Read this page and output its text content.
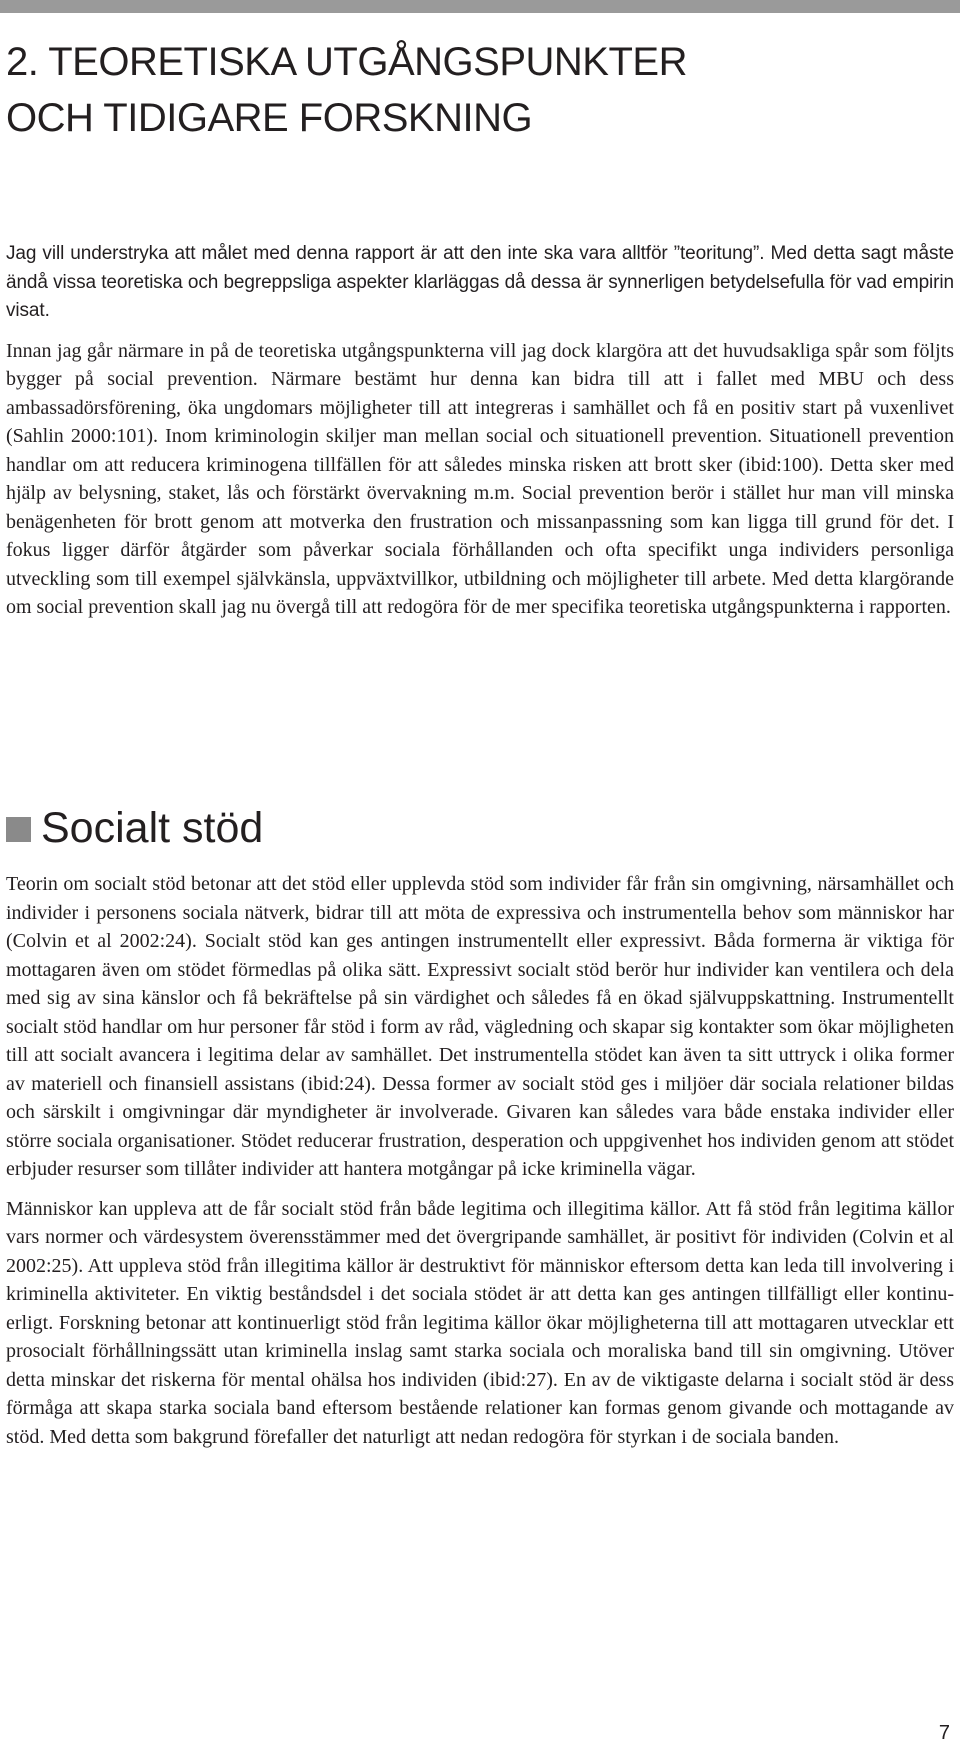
2. TEORETISKA UTGÅNGSPUNKTER
OCH TIDIGARE FORSKNING

Jag vill understryka att målet med denna rapport är att den inte ska vara alltför ”teoritung”. Med detta sagt måste ändå vissa teoretiska och begreppsliga aspekter klarläggas då dessa är synnerligen betydelsefulla för vad empirin visat.

Innan jag går närmare in på de teoretiska utgångspunkterna vill jag dock klargöra att det huvudsakliga spår som följts bygger på social prevention. Närmare bestämt hur denna kan bidra till att i fallet med MBU och dess ambassadörsförening, öka ungdomars möjligheter till att integreras i samhället och få en positiv start på vuxenlivet (Sahlin 2000:101). Inom kriminologin skiljer man mellan social och situationell prevention. Situationell prevention handlar om att reducera kriminogena tillfällen för att således minska risken att brott sker (ibid:100). Detta sker med hjälp av belysning, staket, lås och förstärkt övervakning m.m. Social prevention berör i stället hur man vill minska benägenheten för brott genom att motverka den frustration och missanpassning som kan ligga till grund för det. I fokus ligger därför åtgärder som påverkar sociala förhållanden och ofta specifikt unga individers personliga utveckling som till exempel självkänsla, uppväxtvillkor, utbildning och möjligheter till arbete. Med detta klargörande om social prevention skall jag nu övergå till att redogöra för de mer specifika teoretiska utgångspunkterna i rapporten.

Socialt stöd

Teorin om socialt stöd betonar att det stöd eller upplevda stöd som individer får från sin omgivning, närsamhället och individer i personens sociala nätverk, bidrar till att möta de expressiva och instrumentella behov som människor har (Colvin et al 2002:24). Socialt stöd kan ges antingen instrumentellt eller expressivt. Båda formerna är viktiga för mottagaren även om stödet förmedlas på olika sätt. Expressivt socialt stöd berör hur individer kan ventilera och dela med sig av sina känslor och få bekräftelse på sin värdighet och således få en ökad självuppskattning. Instrumentellt socialt stöd handlar om hur personer får stöd i form av råd, vägledning och skapar sig kontakter som ökar möjligheten till att socialt avancera i legitima delar av samhället. Det instrumentella stödet kan även ta sitt uttryck i olika former av materiell och finansiell assistans (ibid:24). Dessa former av socialt stöd ges i miljöer där sociala relationer bildas och särskilt i omgivningar där myndigheter är involverade. Givaren kan således vara både enstaka individer eller större sociala organisationer. Stödet reducerar frustration, desperation och uppgivenhet hos individen genom att stödet erbjuder resurser som tillåter individer att hantera motgångar på icke kriminella vägar.

Människor kan uppleva att de får socialt stöd från både legitima och illegitima källor. Att få stöd från legitima källor vars normer och värdesystem överensstämmer med det övergripande samhället, är positivt för individen (Colvin et al 2002:25). Att uppleva stöd från illegitima källor är destruktivt för människor eftersom detta kan leda till involvering i kriminella aktiviteter. En viktig beståndsdel i det sociala stödet är att detta kan ges antingen tillfälligt eller kontinuerligt. Forskning betonar att kontinuerligt stöd från legitima källor ökar möjligheterna till att mottagaren utvecklar ett prosocialt förhållningssätt utan kriminella inslag samt starka sociala och moraliska band till sin omgivning. Utöver detta minskar det riskerna för mental ohälsa hos individen (ibid:27). En av de viktigaste delarna i socialt stöd är dess förmåga att skapa starka sociala band eftersom bestående relationer kan formas genom givande och mottagande av stöd. Med detta som bakgrund förefaller det naturligt att nedan redogöra för styrkan i de sociala banden.

7
